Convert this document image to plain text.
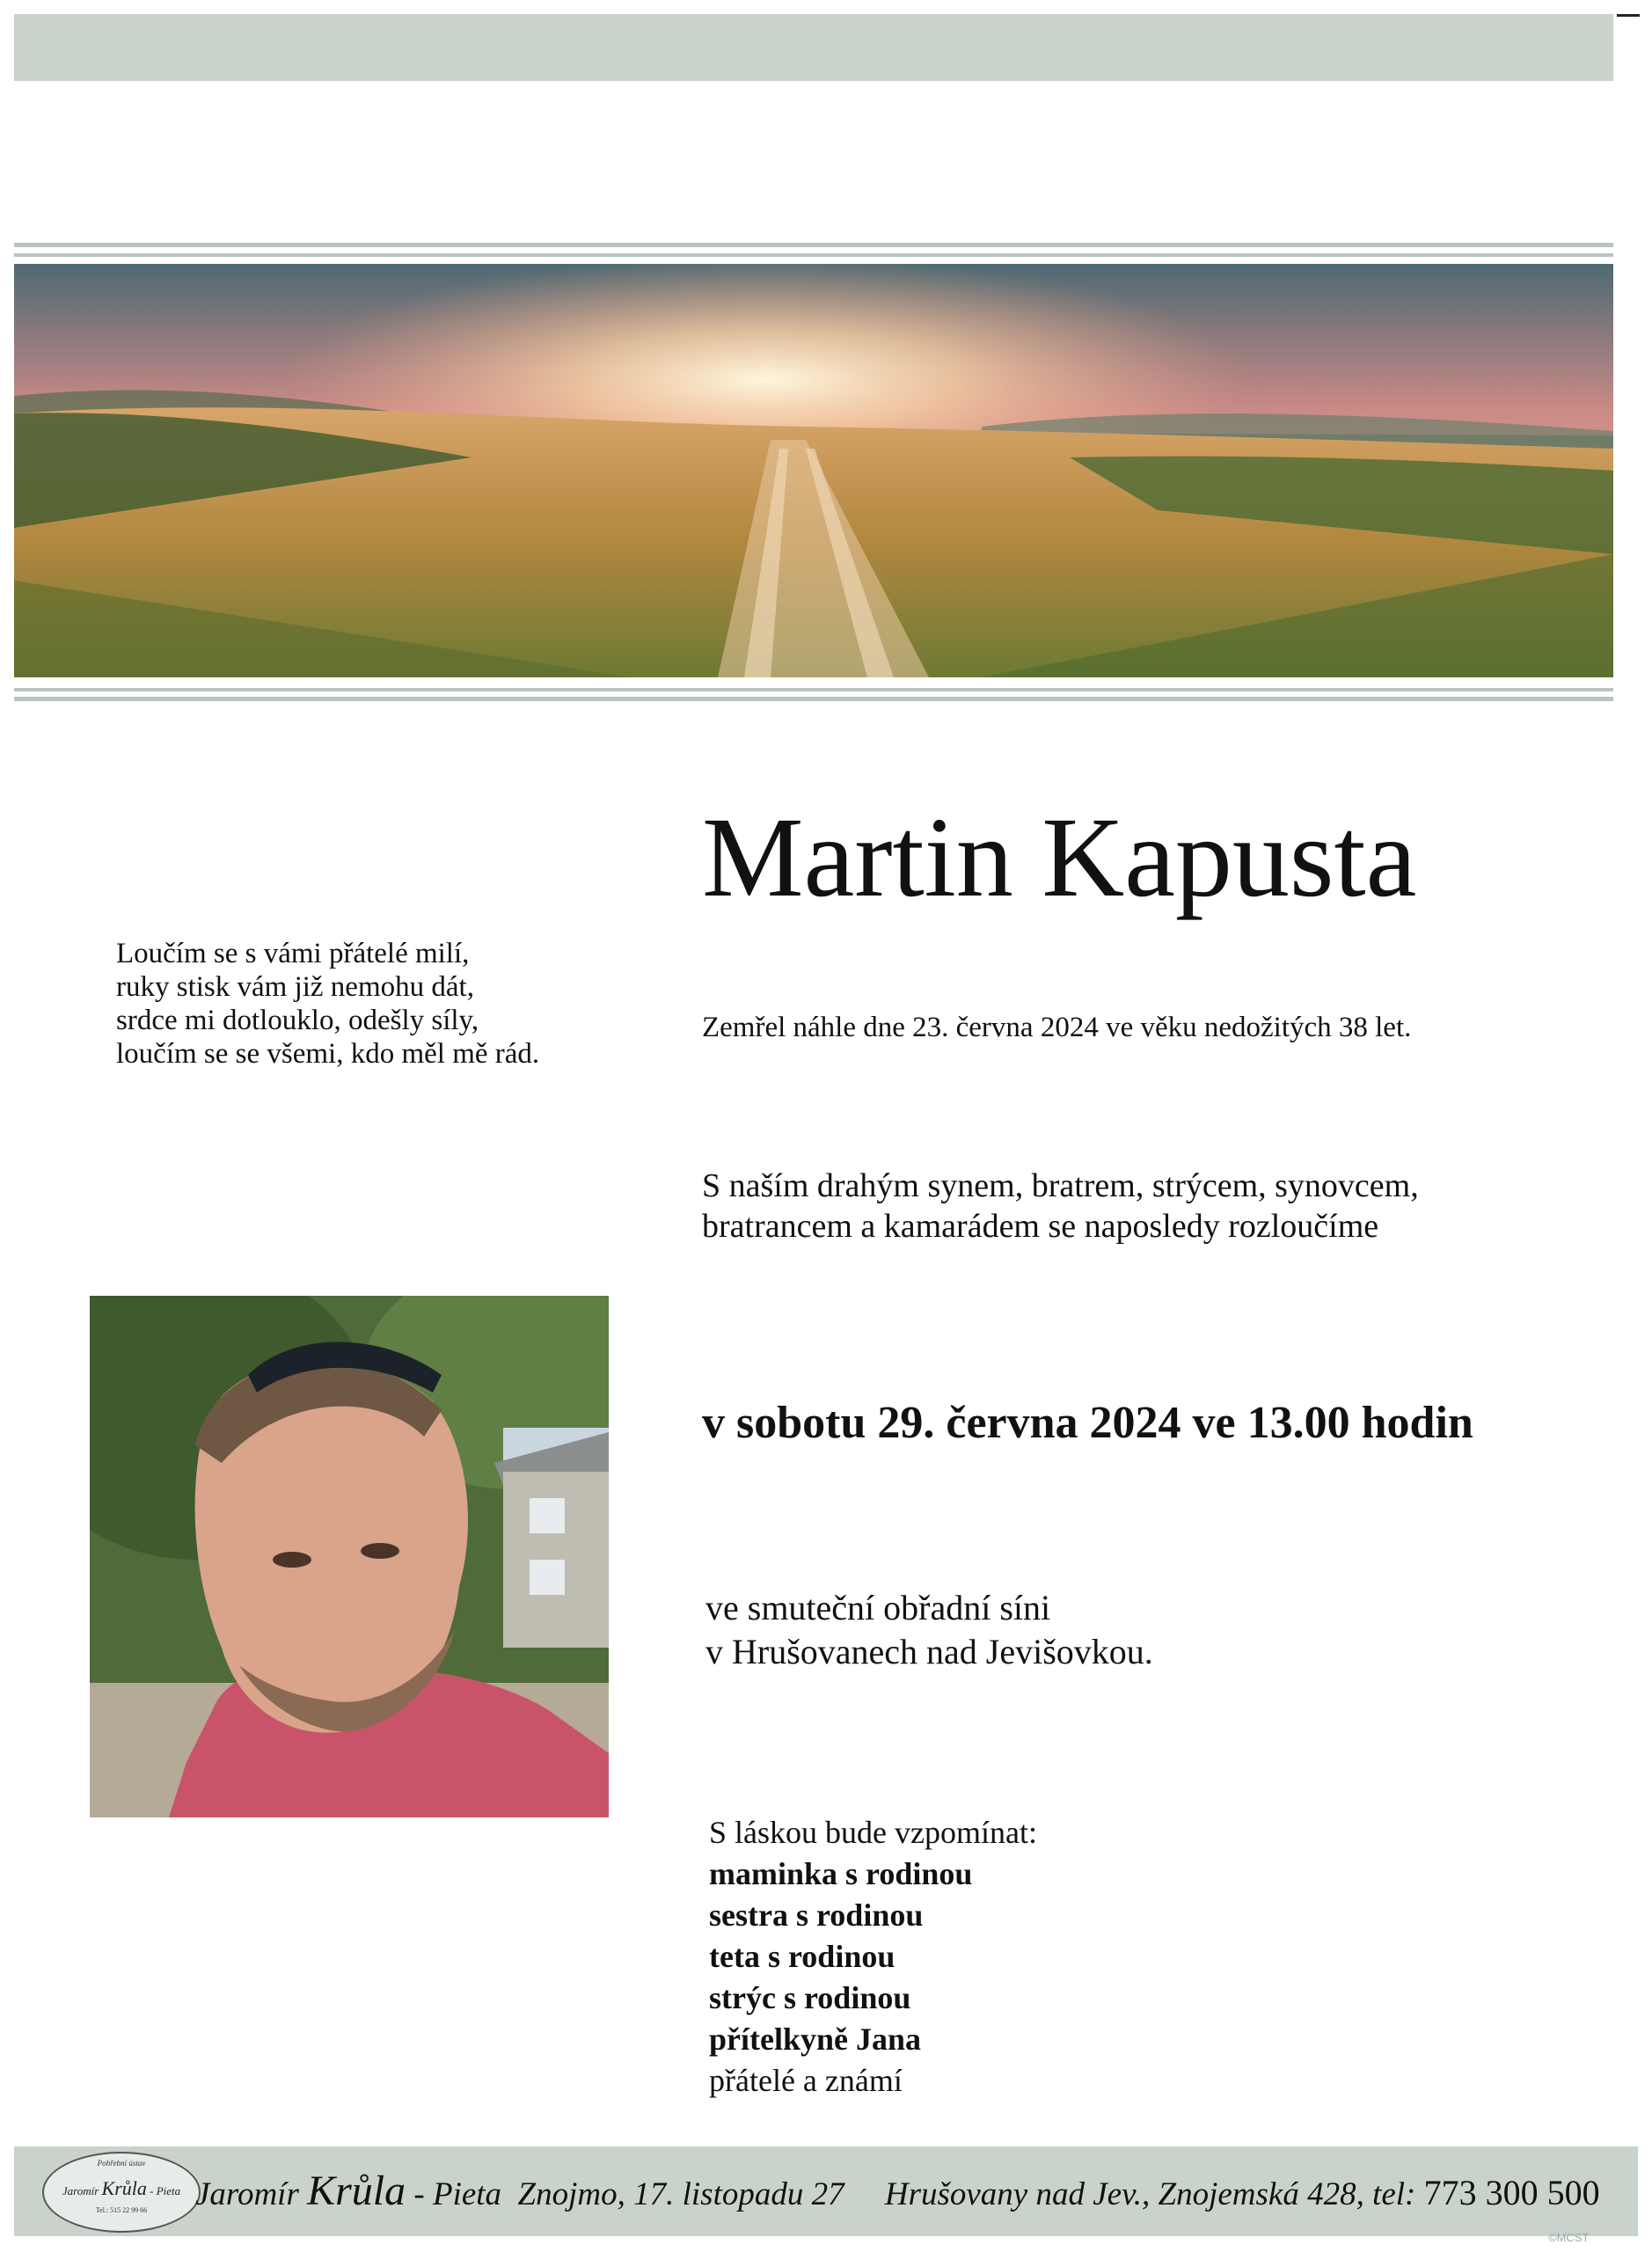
Martin Kapusta
Loučím se s vámi přátelé milí,
ruky stisk vám již nemohu dát,
srdce mi dotlouklo, odešly síly,
loučím se se všemi, kdo měl mě rád.
Zemřel náhle dne 23. června 2024 ve věku nedožitých 38 let.
S naším drahým synem, bratrem, strýcem, synovcem,
bratrancem a kamarádem se naposledy rozloučíme
v sobotu 29. června 2024 ve 13.00 hodin
ve smuteční obřadní síni
v Hrušovanech nad Jevišovkou.
S láskou bude vzpomínat:
maminka s rodinou
sestra s rodinou
teta s rodinou
strýc s rodinou
přítelkyně Jana
přátelé a známí
Pohřební ústav
Jaromír Krůla - Pieta
Tel.: 515 22 99 66	Jaromír Krůla - Pieta  Znojmo, 17. listopadu 27     Hrušovany nad Jev., Znojemská 428, tel: 773 300 500
©MCST
